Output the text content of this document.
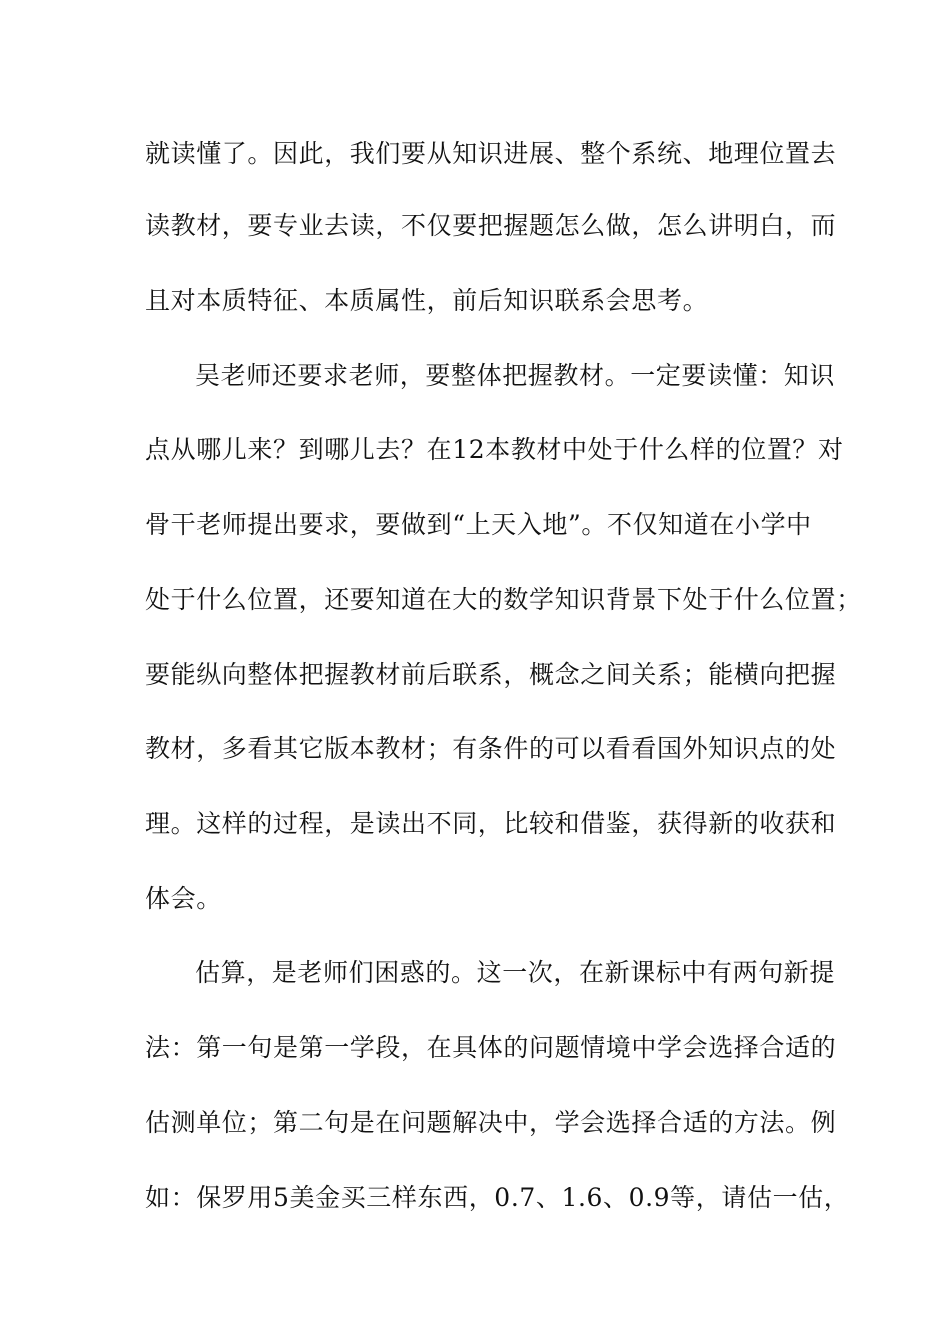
就读懂了。因此，我们要从知识进展、整个系统、地理位置去
读教材，要专业去读，不仅要把握题怎么做，怎么讲明白，而
且对本质特征、本质属性，前后知识联系会思考。
吴老师还要求老师，要整体把握教材。一定要读懂：知识
点从哪儿来？到哪儿去？在12本教材中处于什么样的位置？对
骨干老师提出要求，要做到“上天入地”。不仅知道在小学中
处于什么位置，还要知道在大的数学知识背景下处于什么位置；
要能纵向整体把握教材前后联系，概念之间关系；能横向把握
教材，多看其它版本教材；有条件的可以看看国外知识点的处
理。这样的过程，是读出不同，比较和借鉴，获得新的收获和
体会。
估算，是老师们困惑的。这一次，在新课标中有两句新提
法：第一句是第一学段，在具体的问题情境中学会选择合适的
估测单位；第二句是在问题解决中，学会选择合适的方法。例
如：保罗用5美金买三样东西，0.7、1.6、0.9等，请估一估，
